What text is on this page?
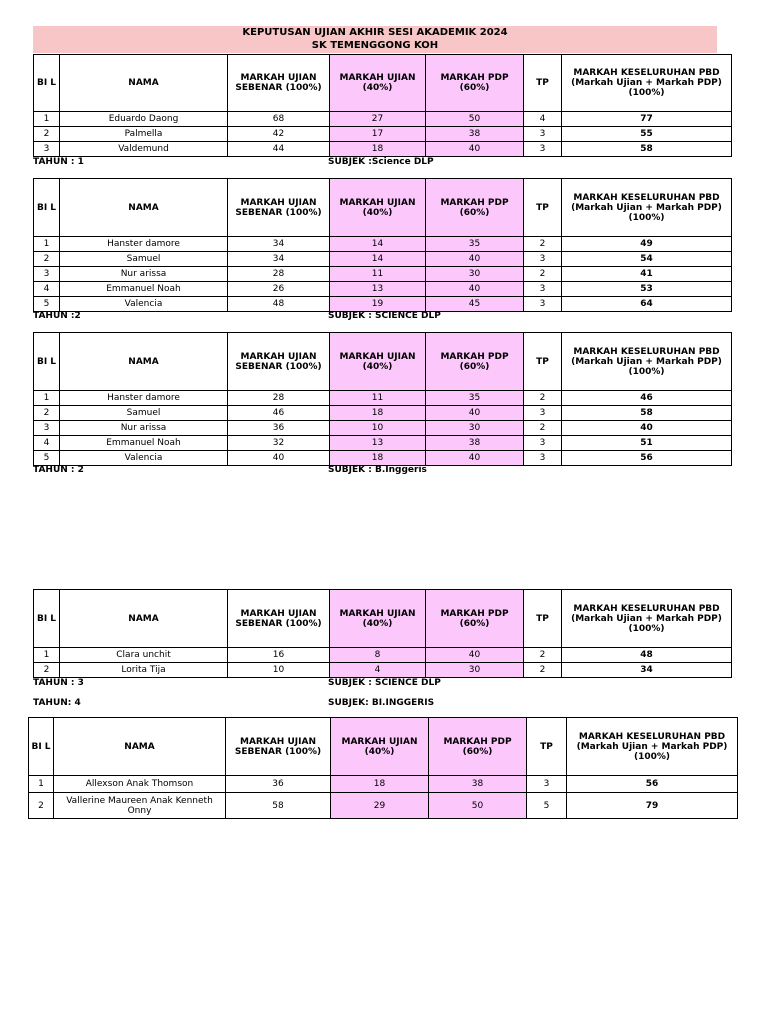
KEPUTUSAN UJIAN AKHIR SESI AKADEMIK 2024
SK TEMENGGONG KOH
BI L	NAMA	MARKAH UJIAN SEBENAR (100%)	MARKAH UJIAN (40%)	MARKAH PDP (60%)	TP	MARKAH KESELURUHAN PBD (Markah Ujian + Markah PDP) (100%)
1	Eduardo Daong	68	27	50	4	77
2	Palmella	42	17	38	3	55
3	Valdemund	44	18	40	3	58
TAHUN : 1	SUBJEK :Science DLP
BI L	NAMA	MARKAH UJIAN SEBENAR (100%)	MARKAH UJIAN (40%)	MARKAH PDP (60%)	TP	MARKAH KESELURUHAN PBD (Markah Ujian + Markah PDP) (100%)
1	Hanster damore	34	14	35	2	49
2	Samuel	34	14	40	3	54
3	Nur arissa	28	11	30	2	41
4	Emmanuel Noah	26	13	40	3	53
5	Valencia	48	19	45	3	64
TAHUN :2	SUBJEK : SCIENCE DLP
BI L	NAMA	MARKAH UJIAN SEBENAR (100%)	MARKAH UJIAN (40%)	MARKAH PDP (60%)	TP	MARKAH KESELURUHAN PBD (Markah Ujian + Markah PDP) (100%)
1	Hanster damore	28	11	35	2	46
2	Samuel	46	18	40	3	58
3	Nur arissa	36	10	30	2	40
4	Emmanuel Noah	32	13	38	3	51
5	Valencia	40	18	40	3	56
TAHUN : 2	SUBJEK : B.Inggeris
BI L	NAMA	MARKAH UJIAN SEBENAR (100%)	MARKAH UJIAN (40%)	MARKAH PDP (60%)	TP	MARKAH KESELURUHAN PBD (Markah Ujian + Markah PDP) (100%)
1	Clara unchit	16	8	40	2	48
2	Lorita Tija	10	4	30	2	34
TAHUN : 3	SUBJEK : SCIENCE DLP
BI L	NAMA	MARKAH UJIAN SEBENAR (100%)	MARKAH UJIAN (40%)	MARKAH PDP (60%)	TP	MARKAH KESELURUHAN PBD (Markah Ujian + Markah PDP) (100%)
1	Allexson Anak Thomson	36	18	38	3	56
2	Vallerine Maureen Anak Kenneth Onny	58	29	50	5	79
TAHUN: 4	SUBJEK: BI.INGGERIS
